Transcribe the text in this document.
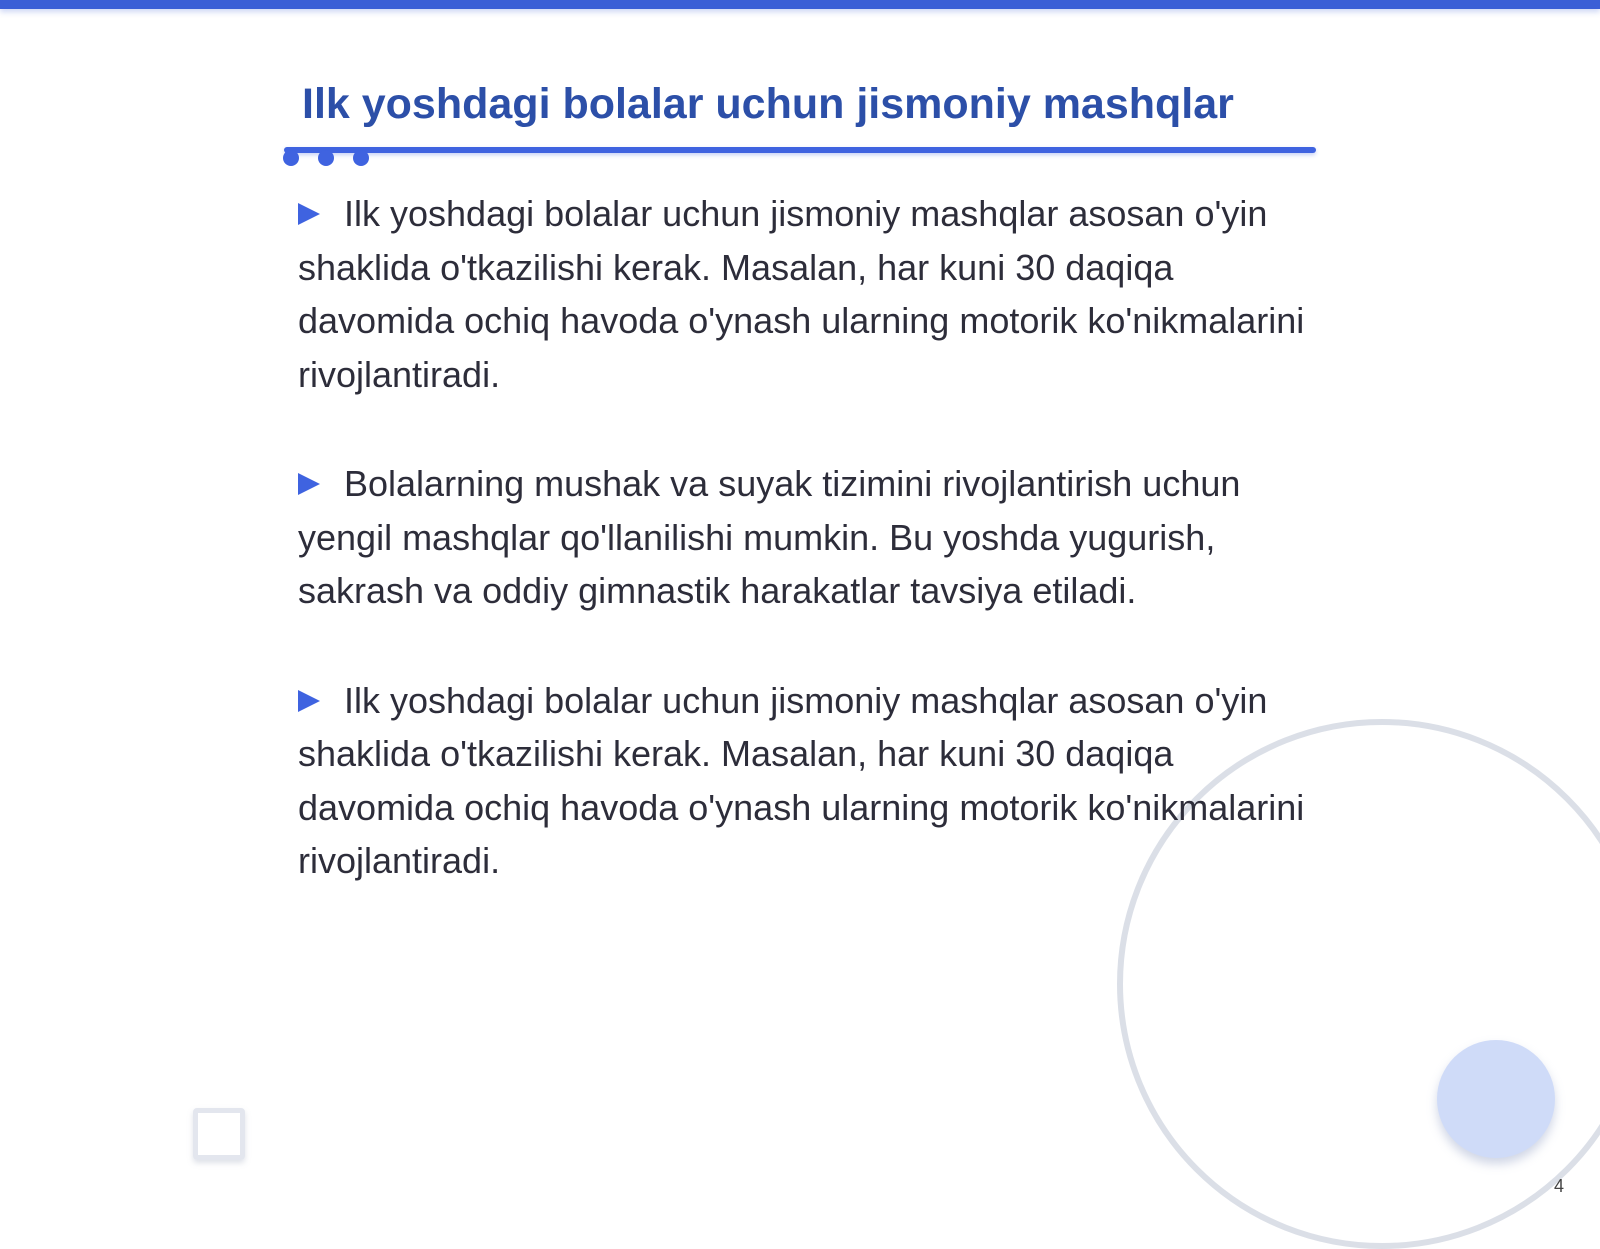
Ilk yoshdagi bolalar uchun jismoniy mashqlar

Ilk yoshdagi bolalar uchun jismoniy mashqlar asosan o'yin shaklida o'tkazilishi kerak. Masalan, har kuni 30 daqiqa davomida ochiq havoda o'ynash ularning motorik ko'nikmalarini rivojlantiradi.

Bolalarning mushak va suyak tizimini rivojlantirish uchun yengil mashqlar qo'llanilishi mumkin. Bu yoshda yugurish, sakrash va oddiy gimnastik harakatlar tavsiya etiladi.

Ilk yoshdagi bolalar uchun jismoniy mashqlar asosan o'yin shaklida o'tkazilishi kerak. Masalan, har kuni 30 daqiqa davomida ochiq havoda o'ynash ularning motorik ko'nikmalarini rivojlantiradi.

4
